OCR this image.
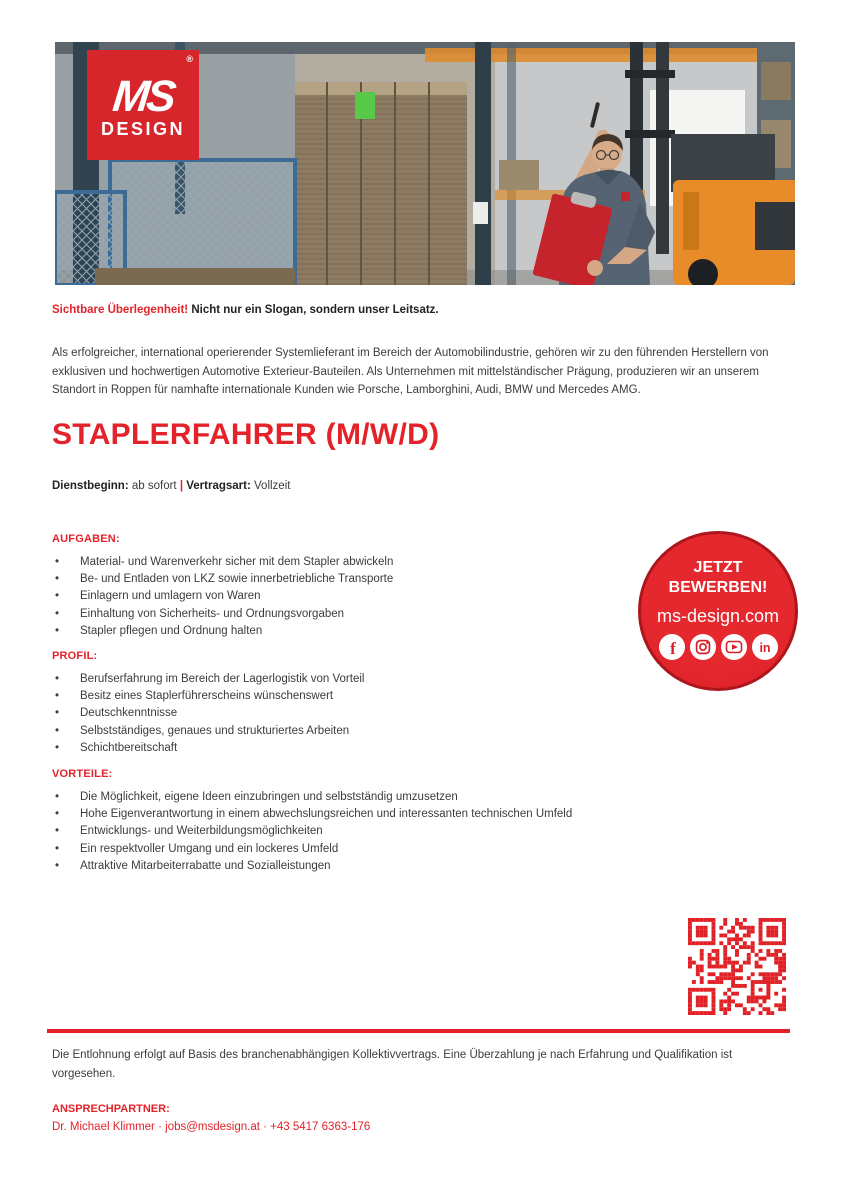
®
MS
DESIGN
Sichtbare Überlegenheit! Nicht nur ein Slogan, sondern unser Leitsatz.
Als erfolgreicher, international operierender Systemlieferant im Bereich der Automobilindustrie, gehören wir zu den führenden Herstellern von exklusiven und hochwertigen Automotive Exterieur-Bauteilen. Als Unternehmen mit mittelständischer Prägung, produzieren wir an unserem Standort in Roppen für namhafte internationale Kunden wie Porsche, Lamborghini, Audi, BMW und Mercedes AMG.
STAPLERFAHRER (M/W/D)
Dienstbeginn: ab sofort | Vertragsart: Vollzeit
AUFGABEN:
• Material- und Warenverkehr sicher mit dem Stapler abwickeln
• Be- und Entladen von LKZ sowie innerbetriebliche Transporte
• Einlagern und umlagern von Waren
• Einhaltung von Sicherheits- und Ordnungsvorgaben
• Stapler pflegen und Ordnung halten
PROFIL:
• Berufserfahrung im Bereich der Lagerlogistik von Vorteil
• Besitz eines Staplerführerscheins wünschenswert
• Deutschkenntnisse
• Selbstständiges, genaues und strukturiertes Arbeiten
• Schichtbereitschaft
VORTEILE:
• Die Möglichkeit, eigene Ideen einzubringen und selbstständig umzusetzen
• Hohe Eigenverantwortung in einem abwechslungsreichen und interessanten technischen Umfeld
• Entwicklungs- und Weiterbildungsmöglichkeiten
• Ein respektvoller Umgang und ein lockeres Umfeld
• Attraktive Mitarbeiterrabatte und Sozialleistungen
JETZT
BEWERBEN!
ms-design.com
f	in
Die Entlohnung erfolgt auf Basis des branchenabhängigen Kollektivvertrags. Eine Überzahlung je nach Erfahrung und Qualifikation ist vorgesehen.
ANSPRECHPARTNER:
Dr. Michael Klimmer · jobs@msdesign.at · +43 5417 6363-176
